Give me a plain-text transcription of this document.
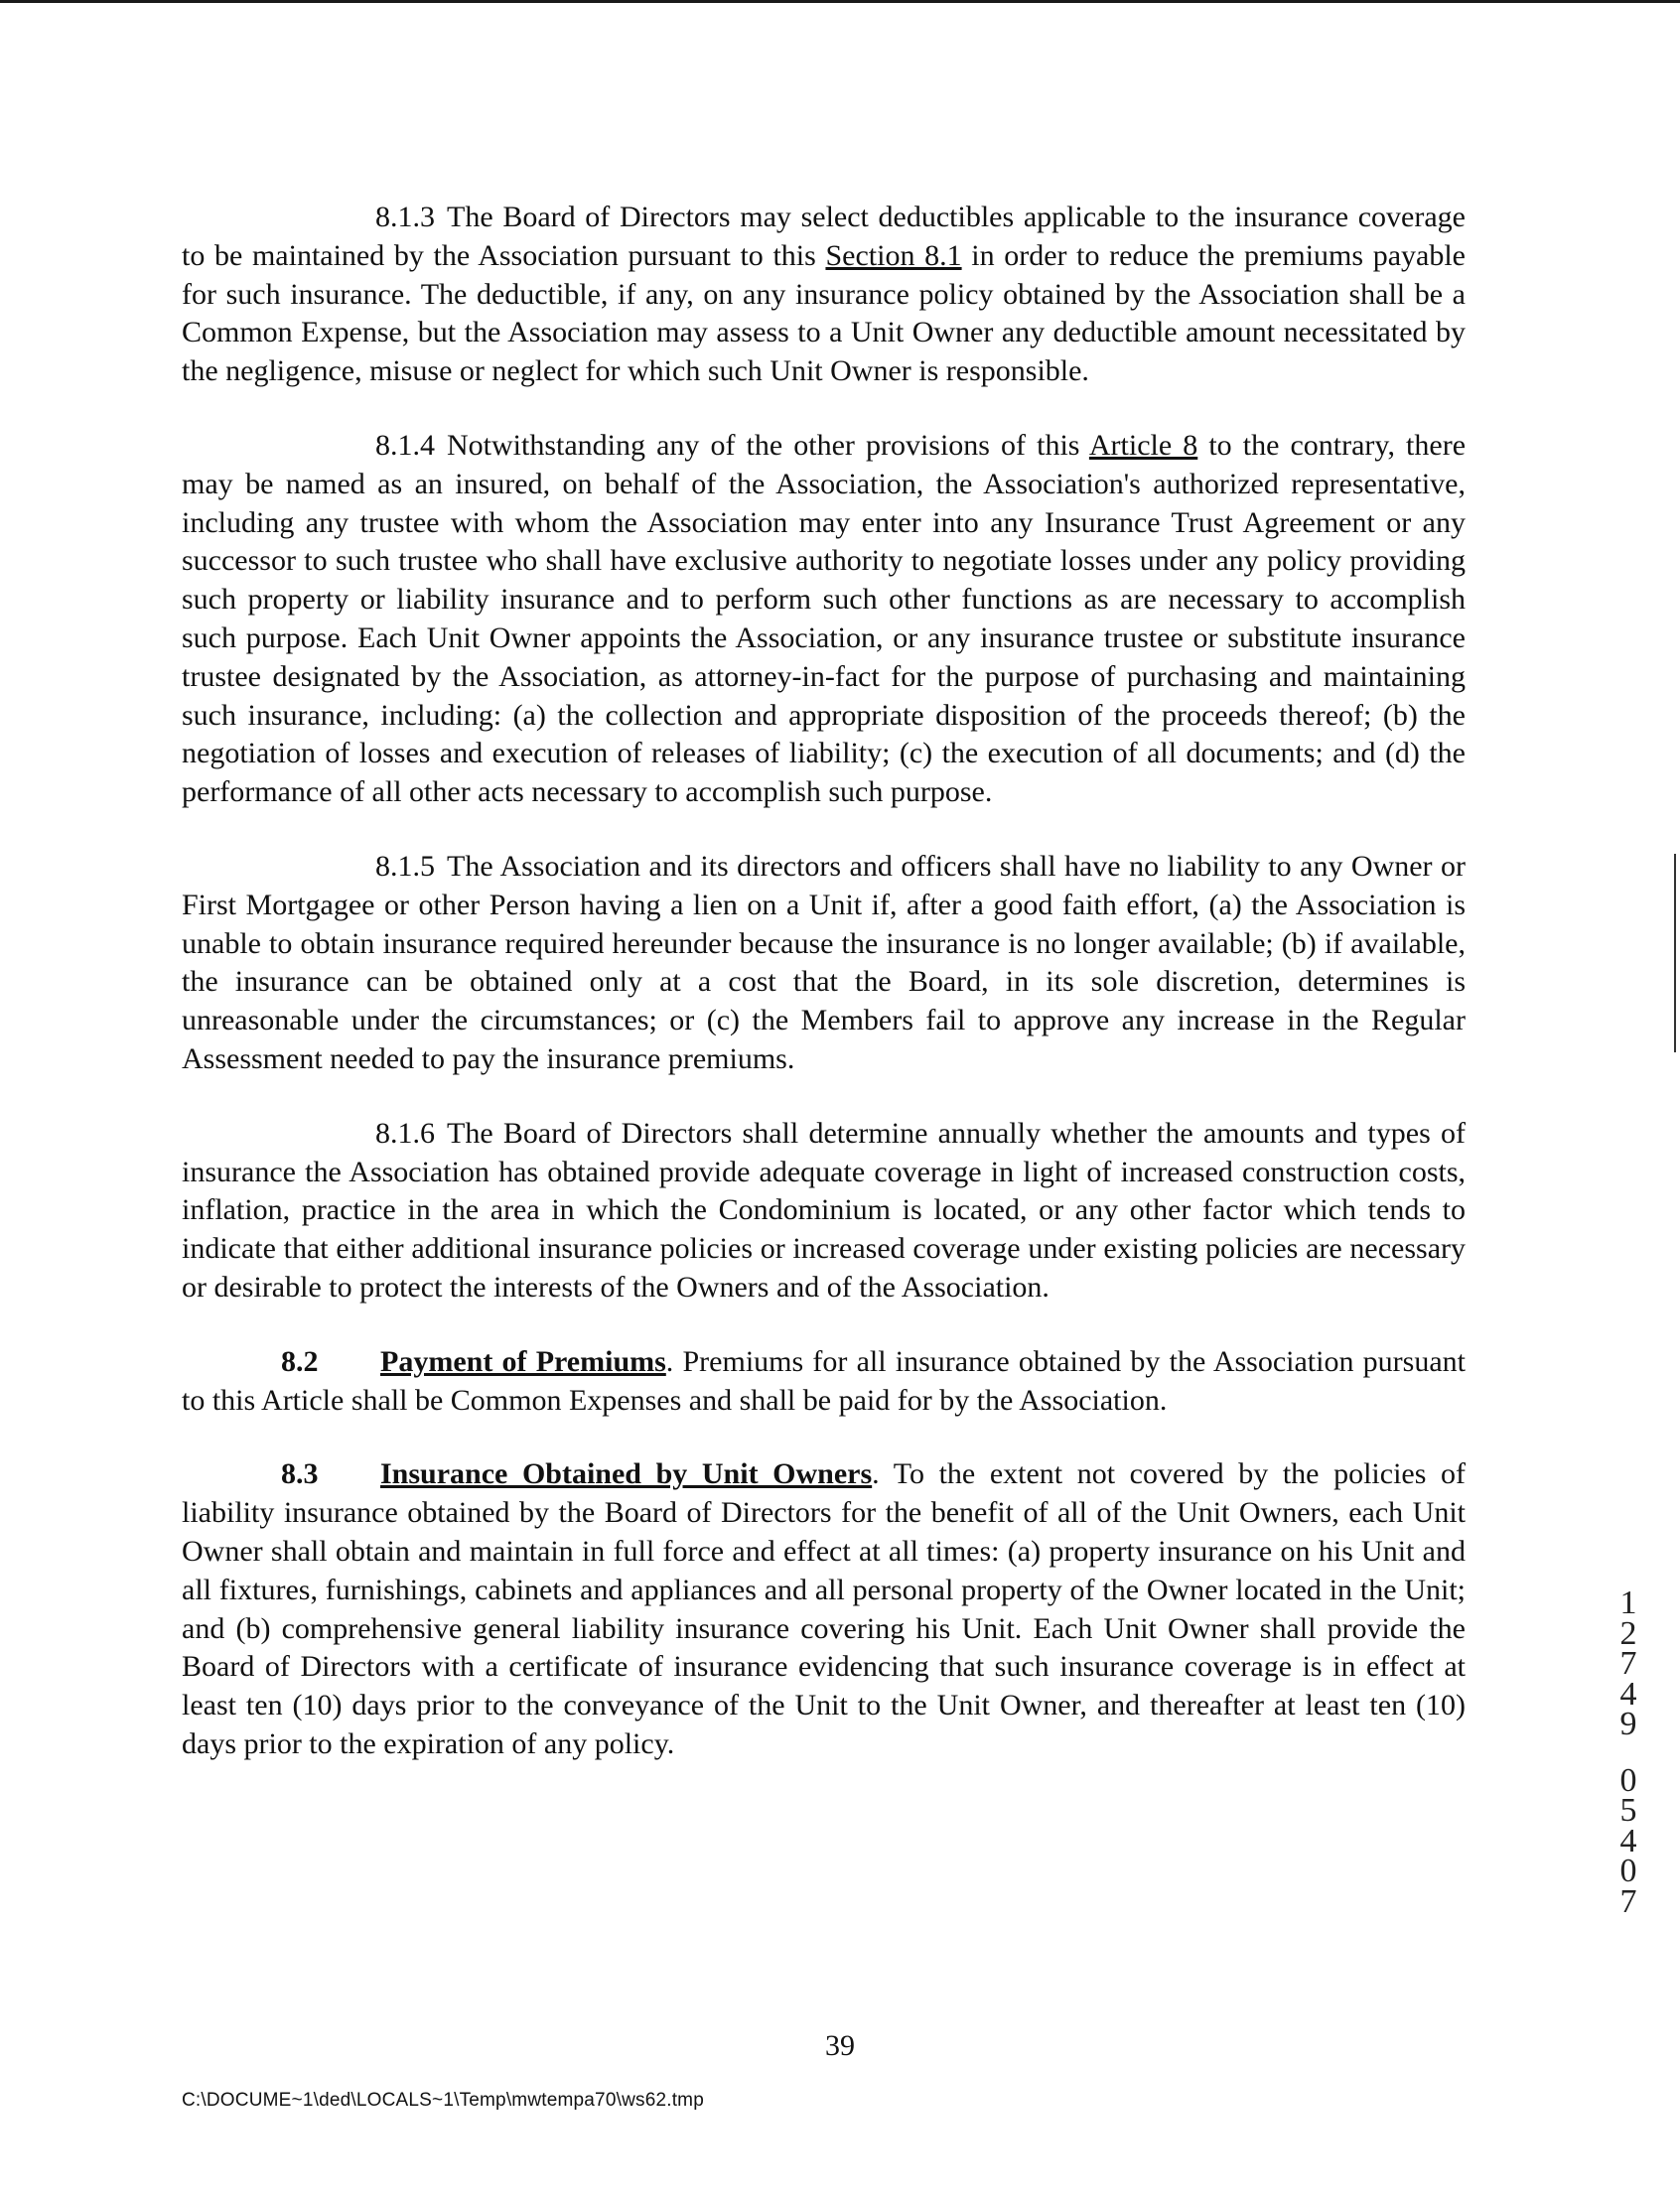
8.1.3 The Board of Directors may select deductibles applicable to the insurance coverage to be maintained by the Association pursuant to this Section 8.1 in order to reduce the premiums payable for such insurance. The deductible, if any, on any insurance policy obtained by the Association shall be a Common Expense, but the Association may assess to a Unit Owner any deductible amount necessitated by the negligence, misuse or neglect for which such Unit Owner is responsible.

8.1.4 Notwithstanding any of the other provisions of this Article 8 to the contrary, there may be named as an insured, on behalf of the Association, the Association's authorized representative, including any trustee with whom the Association may enter into any Insurance Trust Agreement or any successor to such trustee who shall have exclusive authority to negotiate losses under any policy providing such property or liability insurance and to perform such other functions as are necessary to accomplish such purpose. Each Unit Owner appoints the Association, or any insurance trustee or substitute insurance trustee designated by the Association, as attorney-in-fact for the purpose of purchasing and maintaining such insurance, including: (a) the collection and appropriate disposition of the proceeds thereof; (b) the negotiation of losses and execution of releases of liability; (c) the execution of all documents; and (d) the performance of all other acts necessary to accomplish such purpose.

8.1.5 The Association and its directors and officers shall have no liability to any Owner or First Mortgagee or other Person having a lien on a Unit if, after a good faith effort, (a) the Association is unable to obtain insurance required hereunder because the insurance is no longer available; (b) if available, the insurance can be obtained only at a cost that the Board, in its sole discretion, determines is unreasonable under the circumstances; or (c) the Members fail to approve any increase in the Regular Assessment needed to pay the insurance premiums.

8.1.6 The Board of Directors shall determine annually whether the amounts and types of insurance the Association has obtained provide adequate coverage in light of increased construction costs, inflation, practice in the area in which the Condominium is located, or any other factor which tends to indicate that either additional insurance policies or increased coverage under existing policies are necessary or desirable to protect the interests of the Owners and of the Association.

8.2 Payment of Premiums. Premiums for all insurance obtained by the Association pursuant to this Article shall be Common Expenses and shall be paid for by the Association.

8.3 Insurance Obtained by Unit Owners. To the extent not covered by the policies of liability insurance obtained by the Board of Directors for the benefit of all of the Unit Owners, each Unit Owner shall obtain and maintain in full force and effect at all times: (a) property insurance on his Unit and all fixtures, furnishings, cabinets and appliances and all personal property of the Owner located in the Unit; and (b) comprehensive general liability insurance covering his Unit. Each Unit Owner shall provide the Board of Directors with a certificate of insurance evidencing that such insurance coverage is in effect at least ten (10) days prior to the conveyance of the Unit to the Unit Owner, and thereafter at least ten (10) days prior to the expiration of any policy.

39
C:\DOCUME~1\ded\LOCALS~1\Temp\mwtempa70\ws62.tmp
1
2
7
4
9
0
5
4
0
7
